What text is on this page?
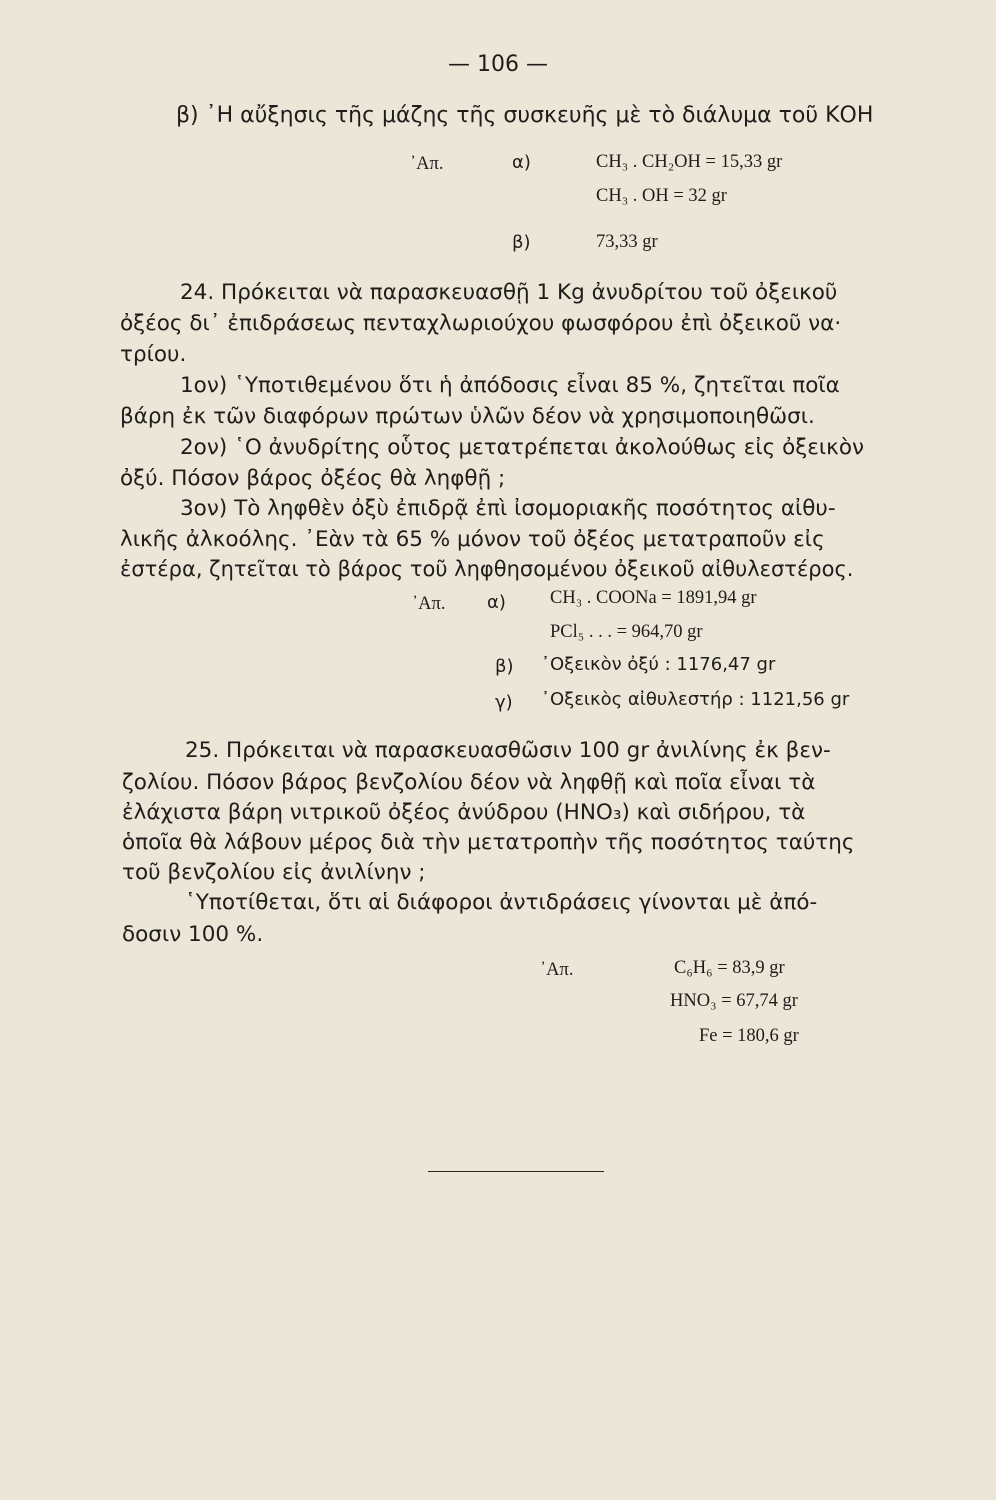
— 106 —
β) ᾿Η αὔξησις τῆς μάζης τῆς συσκευῆς μὲ τὸ διάλυμα τοῦ ΚΟΗ
᾿Απ.	α)	CH₃ . CH₂OH = 15,33 gr
CH₃ . OH = 32 gr
β)	73,33 gr
24. Πρόκειται νὰ παρασκευασθῇ 1 Kg ἀνυδρίτου τοῦ ὀξεικοῦ
ὀξέος δι᾿ ἐπιδράσεως πενταχλωριούχου φωσφόρου ἐπὶ ὀξεικοῦ να·
τρίου.
1ον) ῾Υποτιθεμένου ὅτι ἡ ἀπόδοσις εἶναι 85 %, ζητεῖται ποῖα
βάρη ἐκ τῶν διαφόρων πρώτων ὑλῶν δέον νὰ χρησιμοποιηθῶσι.
2ον) ῾Ο ἀνυδρίτης οὗτος μετατρέπεται ἀκολούθως εἰς ὀξεικὸν
ὀξύ. Πόσον βάρος ὀξέος θὰ ληφθῇ ;
3ον) Τὸ ληφθὲν ὀξὺ ἐπιδρᾷ ἐπὶ ἰσομοριακῆς ποσότητος αἰθυ-
λικῆς ἀλκοόλης. ᾿Εὰν τὰ 65 % μόνον τοῦ ὀξέος μετατραποῦν εἰς
ἐστέρα, ζητεῖται τὸ βάρος τοῦ ληφθησομένου ὀξεικοῦ αἰθυλεστέρος.
᾿Απ. α) CH₃ . COONa = 1891,94 gr
PCl₅ . . . = 964,70 gr
β) ᾿Οξεικὸν ὀξύ : 1176,47 gr
γ) ᾿Οξεικὸς αἰθυλεστήρ : 1121,56 gr
25. Πρόκειται νὰ παρασκευασθῶσιν 100 gr ἀνιλίνης ἐκ βεν-
ζολίου. Πόσον βάρος βενζολίου δέον νὰ ληφθῇ καὶ ποῖα εἶναι τὰ
ἐλάχιστα βάρη νιτρικοῦ ὀξέος ἀνύδρου (ΗΝΟ₃) καὶ σιδήρου, τὰ
ὁποῖα θὰ λάβουν μέρος διὰ τὴν μετατροπὴν τῆς ποσότητος ταύτης
τοῦ βενζολίου εἰς ἀνιλίνην ;
῾Υποτίθεται, ὅτι αἱ διάφοροι ἀντιδράσεις γίνονται μὲ ἀπό-
δοσιν 100 %.
᾿Απ.	C₆H₆ = 83,9 gr
HNO₃ = 67,74 gr
Fe = 180,6 gr
